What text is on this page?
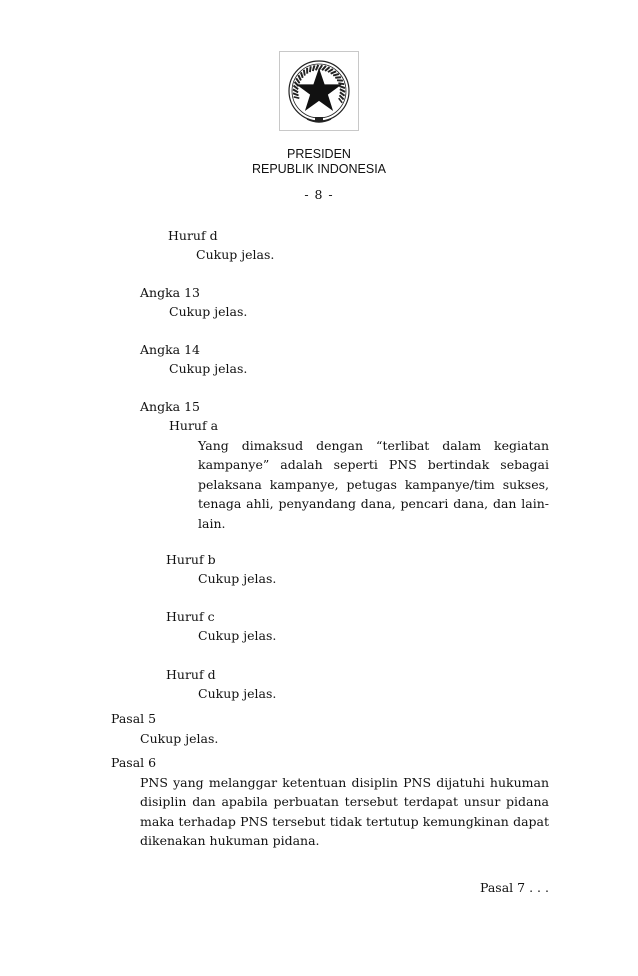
PRESIDEN
REPUBLIK INDONESIA
- 8 -
Huruf d
Cukup jelas.
Angka 13
Cukup jelas.
Angka 14
Cukup jelas.
Angka 15
Huruf a
Yang dimaksud dengan “terlibat dalam kegiatan
kampanye” adalah seperti PNS bertindak sebagai
pelaksana kampanye, petugas kampanye/tim sukses,
tenaga ahli, penyandang dana, pencari dana, dan lain-
lain.
Huruf b
Cukup jelas.
Huruf c
Cukup jelas.
Huruf d
Cukup jelas.
Pasal 5
Cukup jelas.
Pasal 6
PNS yang melanggar ketentuan disiplin PNS dijatuhi hukuman
disiplin dan apabila perbuatan tersebut terdapat unsur pidana
maka terhadap PNS tersebut tidak tertutup kemungkinan dapat
dikenakan hukuman pidana.
Pasal 7 . . .
